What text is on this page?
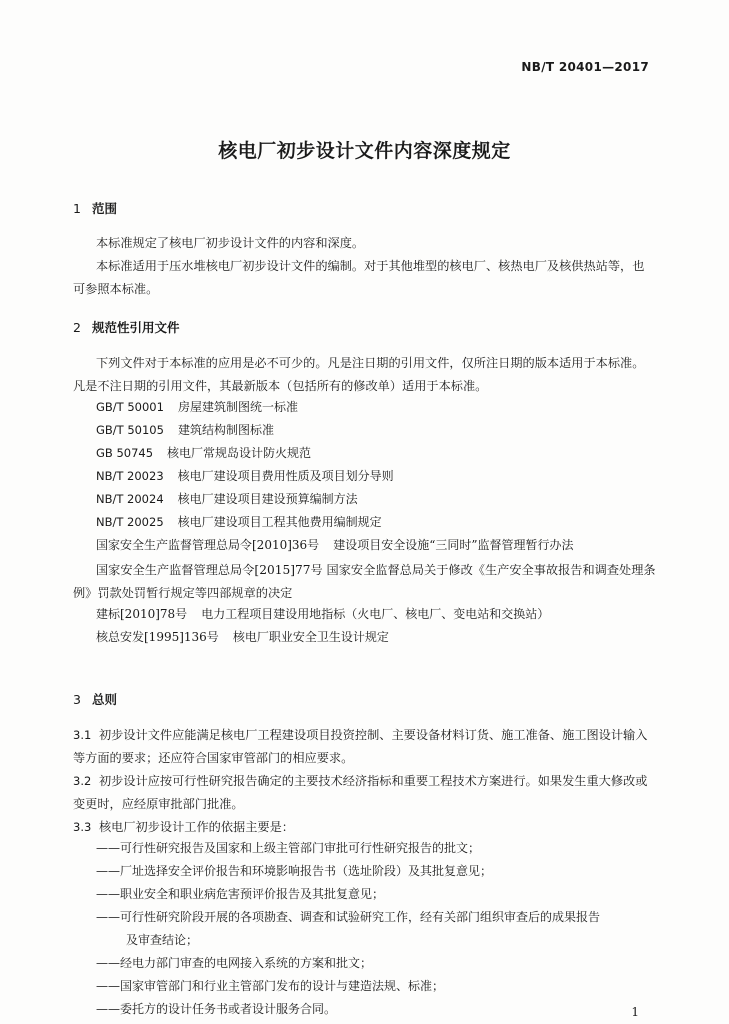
NB/T 20401—2017
核电厂初步设计文件内容深度规定
1 范围
本标准规定了核电厂初步设计文件的内容和深度。
本标准适用于压水堆核电厂初步设计文件的编制。对于其他堆型的核电厂、核热电厂及核供热站等，也可参照本标准。
2 规范性引用文件
下列文件对于本标准的应用是必不可少的。凡是注日期的引用文件，仅所注日期的版本适用于本标准。凡是不注日期的引用文件，其最新版本（包括所有的修改单）适用于本标准。
GB/T 50001 房屋建筑制图统一标准
GB/T 50105 建筑结构制图标准
GB 50745 核电厂常规岛设计防火规范
NB/T 20023 核电厂建设项目费用性质及项目划分导则
NB/T 20024 核电厂建设项目建设预算编制方法
NB/T 20025 核电厂建设项目工程其他费用编制规定
国家安全生产监督管理总局令[2010]36号 建设项目安全设施“三同时”监督管理暂行办法
国家安全生产监督管理总局令[2015]77号 国家安全监督总局关于修改《生产安全事故报告和调查处理条例》罚款处罚暂行规定等四部规章的决定
建标[2010]78号 电力工程项目建设用地指标（火电厂、核电厂、变电站和交换站）
核总安发[1995]136号 核电厂职业安全卫生设计规定
3 总则
3.1 初步设计文件应能满足核电厂工程建设项目投资控制、主要设备材料订货、施工准备、施工图设计输入等方面的要求；还应符合国家审管部门的相应要求。
3.2 初步设计应按可行性研究报告确定的主要技术经济指标和重要工程技术方案进行。如果发生重大修改或变更时，应经原审批部门批准。
3.3 核电厂初步设计工作的依据主要是：
——可行性研究报告及国家和上级主管部门审批可行性研究报告的批文；
——厂址选择安全评价报告和环境影响报告书（选址阶段）及其批复意见；
——职业安全和职业病危害预评价报告及其批复意见；
——可行性研究阶段开展的各项勘查、调查和试验研究工作，经有关部门组织审查后的成果报告
及审查结论；
——经电力部门审查的电网接入系统的方案和批文；
——国家审管部门和行业主管部门发布的设计与建造法规、标准；
——委托方的设计任务书或者设计服务合同。	1
